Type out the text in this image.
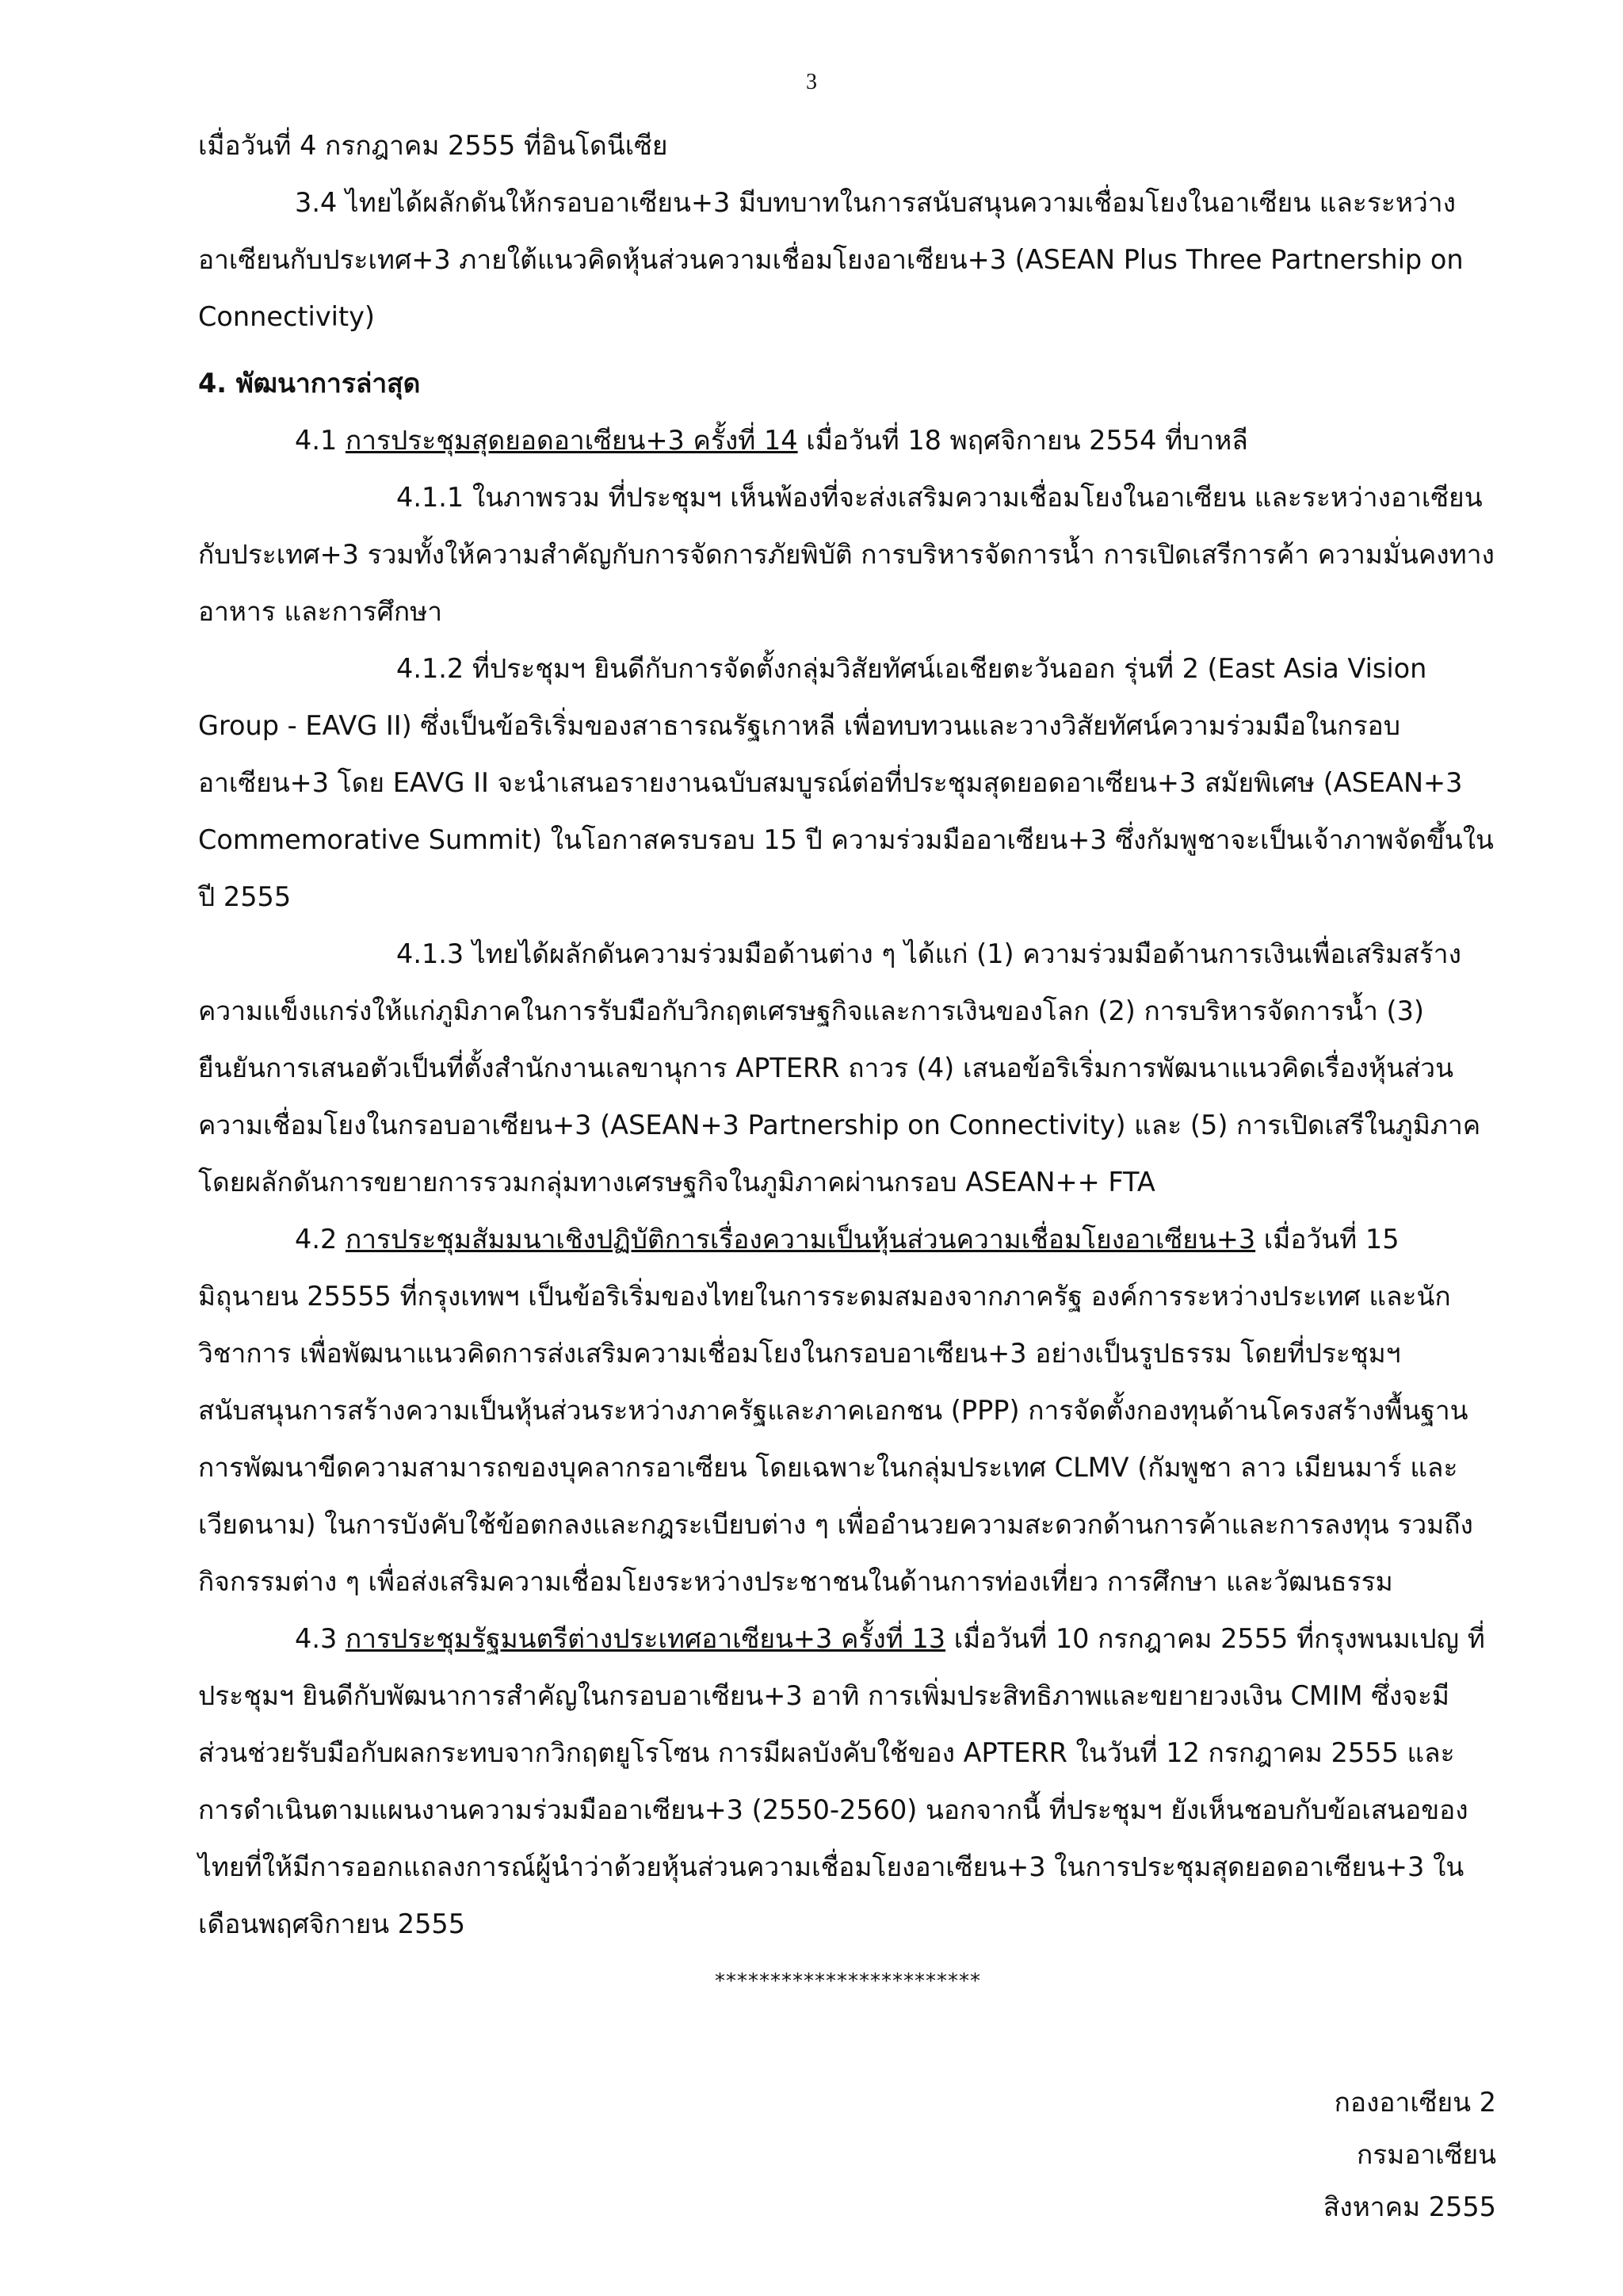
3

เมื่อวันที่ 4 กรกฎาคม 2555 ที่อินโดนีเซีย

3.4 ไทยได้ผลักดันให้กรอบอาเซียน+3 มีบทบาทในการสนับสนุนความเชื่อมโยงในอาเซียน และระหว่างอาเซียนกับประเทศ+3 ภายใต้แนวคิดหุ้นส่วนความเชื่อมโยงอาเซียน+3 (ASEAN Plus Three Partnership on Connectivity)

4. พัฒนาการล่าสุด

4.1 การประชุมสุดยอดอาเซียน+3 ครั้งที่ 14 เมื่อวันที่ 18 พฤศจิกายน 2554 ที่บาหลี

4.1.1 ในภาพรวม ที่ประชุมฯ เห็นพ้องที่จะส่งเสริมความเชื่อมโยงในอาเซียน และระหว่างอาเซียนกับประเทศ+3 รวมทั้งให้ความสำคัญกับการจัดการภัยพิบัติ การบริหารจัดการน้ำ การเปิดเสรีการค้า ความมั่นคงทางอาหาร และการศึกษา

4.1.2 ที่ประชุมฯ ยินดีกับการจัดตั้งกลุ่มวิสัยทัศน์เอเชียตะวันออก รุ่นที่ 2 (East Asia Vision Group - EAVG II) ซึ่งเป็นข้อริเริ่มของสาธารณรัฐเกาหลี เพื่อทบทวนและวางวิสัยทัศน์ความร่วมมือในกรอบอาเซียน+3 โดย EAVG II จะนำเสนอรายงานฉบับสมบูรณ์ต่อที่ประชุมสุดยอดอาเซียน+3 สมัยพิเศษ (ASEAN+3 Commemorative Summit) ในโอกาสครบรอบ 15 ปี ความร่วมมืออาเซียน+3 ซึ่งกัมพูชาจะเป็นเจ้าภาพจัดขึ้นในปี 2555

4.1.3 ไทยได้ผลักดันความร่วมมือด้านต่าง ๆ ได้แก่ (1) ความร่วมมือด้านการเงินเพื่อเสริมสร้างความแข็งแกร่งให้แก่ภูมิภาคในการรับมือกับวิกฤตเศรษฐกิจและการเงินของโลก (2) การบริหารจัดการน้ำ (3) ยืนยันการเสนอตัวเป็นที่ตั้งสำนักงานเลขานุการ APTERR ถาวร (4) เสนอข้อริเริ่มการพัฒนาแนวคิดเรื่องหุ้นส่วนความเชื่อมโยงในกรอบอาเซียน+3 (ASEAN+3 Partnership on Connectivity) และ (5) การเปิดเสรีในภูมิภาค โดยผลักดันการขยายการรวมกลุ่มทางเศรษฐกิจในภูมิภาคผ่านกรอบ ASEAN++ FTA

4.2 การประชุมสัมมนาเชิงปฏิบัติการเรื่องความเป็นหุ้นส่วนความเชื่อมโยงอาเซียน+3 เมื่อวันที่ 15 มิถุนายน 25555 ที่กรุงเทพฯ เป็นข้อริเริ่มของไทยในการระดมสมองจากภาครัฐ องค์การระหว่างประเทศ และนักวิชาการ เพื่อพัฒนาแนวคิดการส่งเสริมความเชื่อมโยงในกรอบอาเซียน+3 อย่างเป็นรูปธรรม โดยที่ประชุมฯ สนับสนุนการสร้างความเป็นหุ้นส่วนระหว่างภาครัฐและภาคเอกชน (PPP) การจัดตั้งกองทุนด้านโครงสร้างพื้นฐาน การพัฒนาขีดความสามารถของบุคลากรอาเซียน โดยเฉพาะในกลุ่มประเทศ CLMV (กัมพูชา ลาว เมียนมาร์ และเวียดนาม) ในการบังคับใช้ข้อตกลงและกฎระเบียบต่าง ๆ เพื่ออำนวยความสะดวกด้านการค้าและการลงทุน รวมถึงกิจกรรมต่าง ๆ เพื่อส่งเสริมความเชื่อมโยงระหว่างประชาชนในด้านการท่องเที่ยว การศึกษา และวัฒนธรรม

4.3 การประชุมรัฐมนตรีต่างประเทศอาเซียน+3 ครั้งที่ 13 เมื่อวันที่ 10 กรกฎาคม 2555 ที่กรุงพนมเปญ ที่ประชุมฯ ยินดีกับพัฒนาการสำคัญในกรอบอาเซียน+3 อาทิ การเพิ่มประสิทธิภาพและขยายวงเงิน CMIM ซึ่งจะมีส่วนช่วยรับมือกับผลกระทบจากวิกฤตยูโรโซน การมีผลบังคับใช้ของ APTERR ในวันที่ 12 กรกฎาคม 2555 และการดำเนินตามแผนงานความร่วมมืออาเซียน+3 (2550-2560) นอกจากนี้ ที่ประชุมฯ ยังเห็นชอบกับข้อเสนอของไทยที่ให้มีการออกแถลงการณ์ผู้นำว่าด้วยหุ้นส่วนความเชื่อมโยงอาเซียน+3 ในการประชุมสุดยอดอาเซียน+3 ในเดือนพฤศจิกายน 2555

************************

กองอาเซียน 2
กรมอาเซียน
สิงหาคม 2555
